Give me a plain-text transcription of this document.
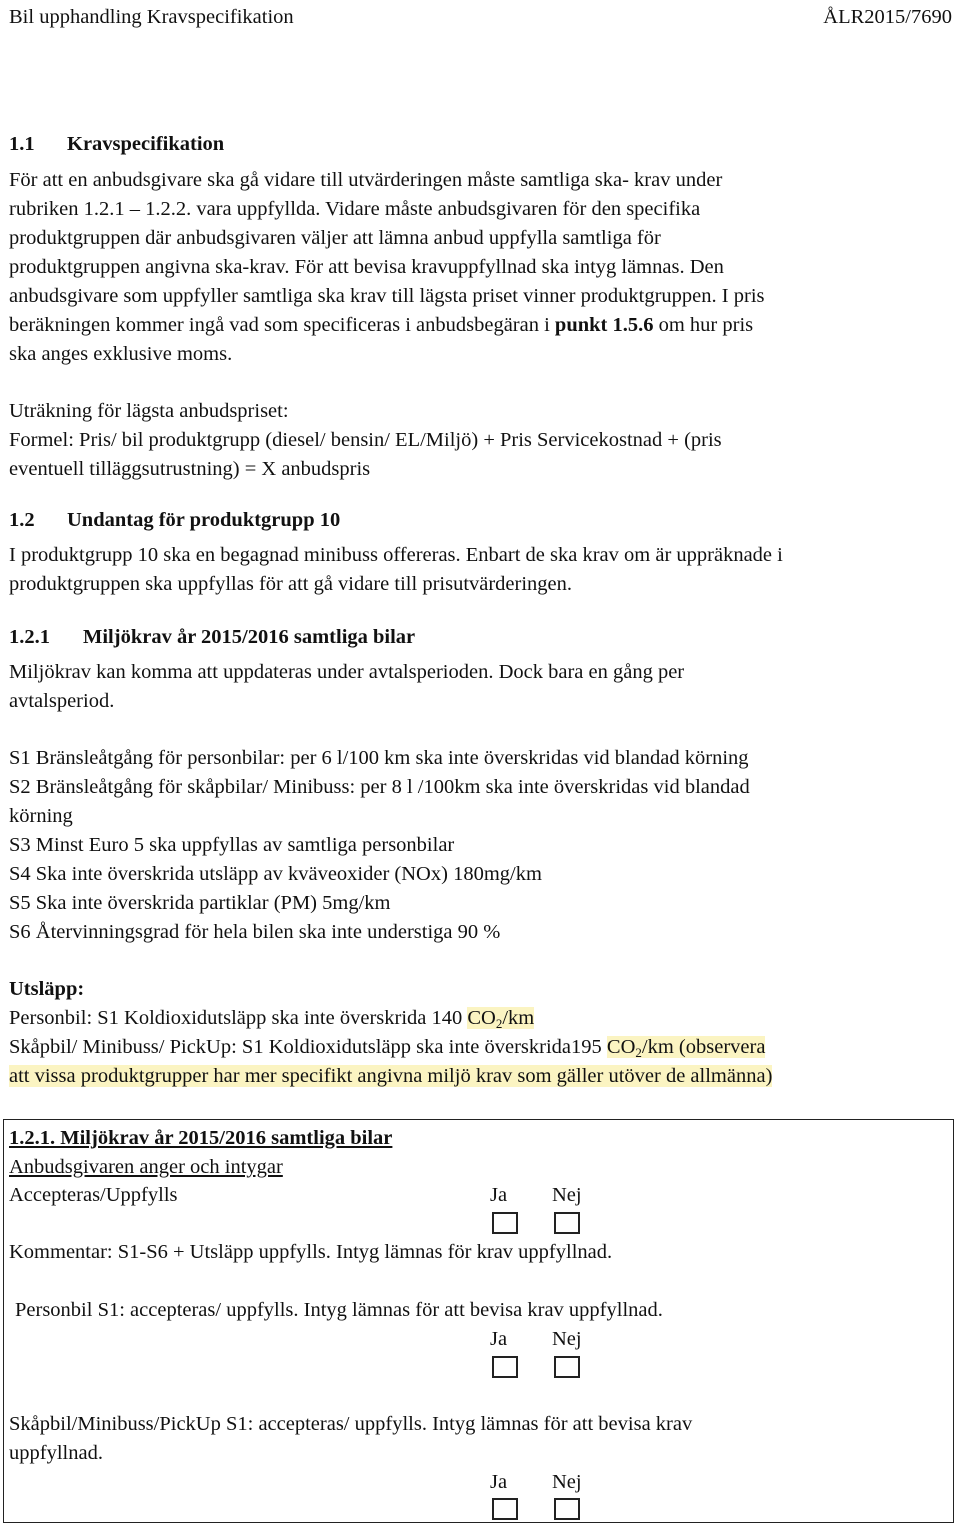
Bil upphandling Kravspecifikation	ÅLR2015/7690
1.1 Kravspecifikation

För att en anbudsgivare ska gå vidare till utvärderingen måste samtliga ska- krav under

rubriken 1.2.1 – 1.2.2. vara uppfyllda. Vidare måste anbudsgivaren för den specifika

produktgruppen där anbudsgivaren väljer att lämna anbud uppfylla samtliga för

produktgruppen angivna ska-krav. För att bevisa kravuppfyllnad ska intyg lämnas. Den

anbudsgivare som uppfyller samtliga ska krav till lägsta priset vinner produktgruppen. I pris

beräkningen kommer ingå vad som specificeras i anbudsbegäran i punkt 1.5.6 om hur pris

ska anges exklusive moms.

Uträkning för lägsta anbudspriset:

Formel: Pris/ bil produktgrupp (diesel/ bensin/ EL/Miljö) + Pris Servicekostnad + (pris

eventuell tilläggsutrustning) = X anbudspris

1.2 Undantag för produktgrupp 10

I produktgrupp 10 ska en begagnad minibuss offereras. Enbart de ska krav om är uppräknade i

produktgruppen ska uppfyllas för att gå vidare till prisutvärderingen.

1.2.1 Miljökrav år 2015/2016 samtliga bilar

Miljökrav kan komma att uppdateras under avtalsperioden. Dock bara en gång per

avtalsperiod.

S1 Bränsleåtgång för personbilar: per 6 l/100 km ska inte överskridas vid blandad körning

S2 Bränsleåtgång för skåpbilar/ Minibuss: per 8 l /100km ska inte överskridas vid blandad

körning

S3 Minst Euro 5 ska uppfyllas av samtliga personbilar

S4 Ska inte överskrida utsläpp av kväveoxider (NOx) 180mg/km

S5 Ska inte överskrida partiklar (PM) 5mg/km

S6 Återvinningsgrad för hela bilen ska inte understiga 90 %

Utsläpp:

Personbil: S1 Koldioxidutsläpp ska inte överskrida 140 $CO_2/km$

Skåpbil/ Minibuss/ PickUp: S1 Koldioxidutsläpp ska inte överskrida195 $CO_2/km$ (observera

att vissa produktgrupper har mer specifikt angivna miljö krav som gäller utöver de allmänna)

1.2.1. Miljökrav år 2015/2016 samtliga bilar
Anbudsgivaren anger och intygar
Accepteras/Uppfylls	Ja Nej
Kommentar: S1-S6 + Utsläpp uppfylls. Intyg lämnas för krav uppfyllnad.
Personbil S1: accepteras/ uppfylls. Intyg lämnas för att bevisa krav uppfyllnad.
Ja Nej

Skåpbil/Minibuss/PickUp S1: accepteras/ uppfylls. Intyg lämnas för att bevisa krav

uppfyllnad.

Ja Nej
